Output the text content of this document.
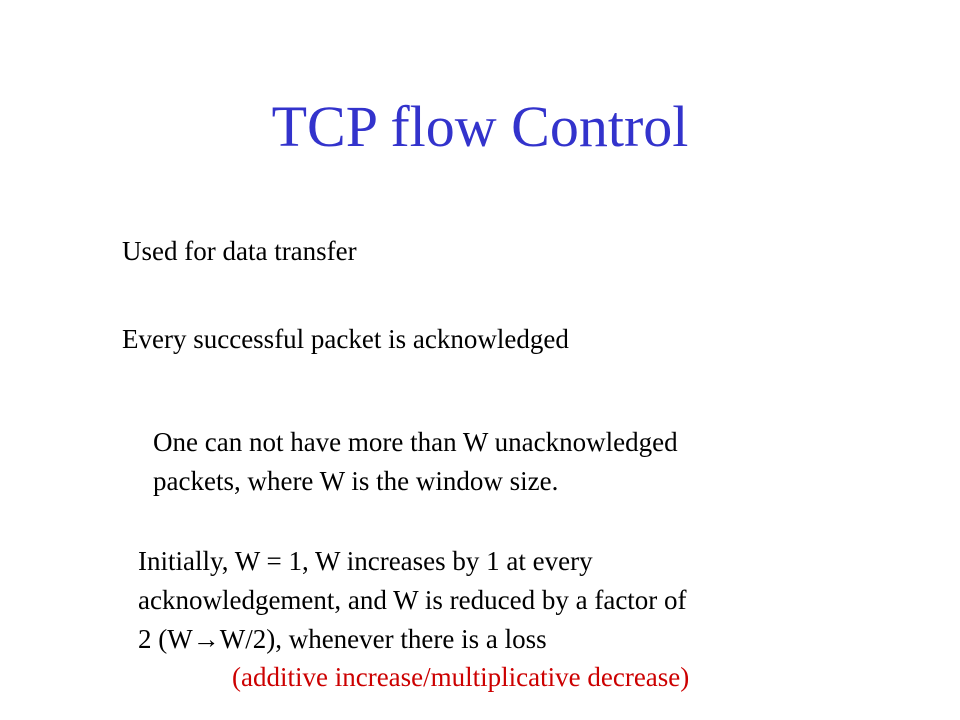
TCP flow Control
Used for data transfer
Every successful packet is acknowledged
One can not have more than W unacknowledged
packets, where W is the window size.
Initially, W = 1, W increases by 1 at every
acknowledgement, and W is reduced by a factor of
2 (W→W/2), whenever there is a loss
(additive increase/multiplicative decrease)
